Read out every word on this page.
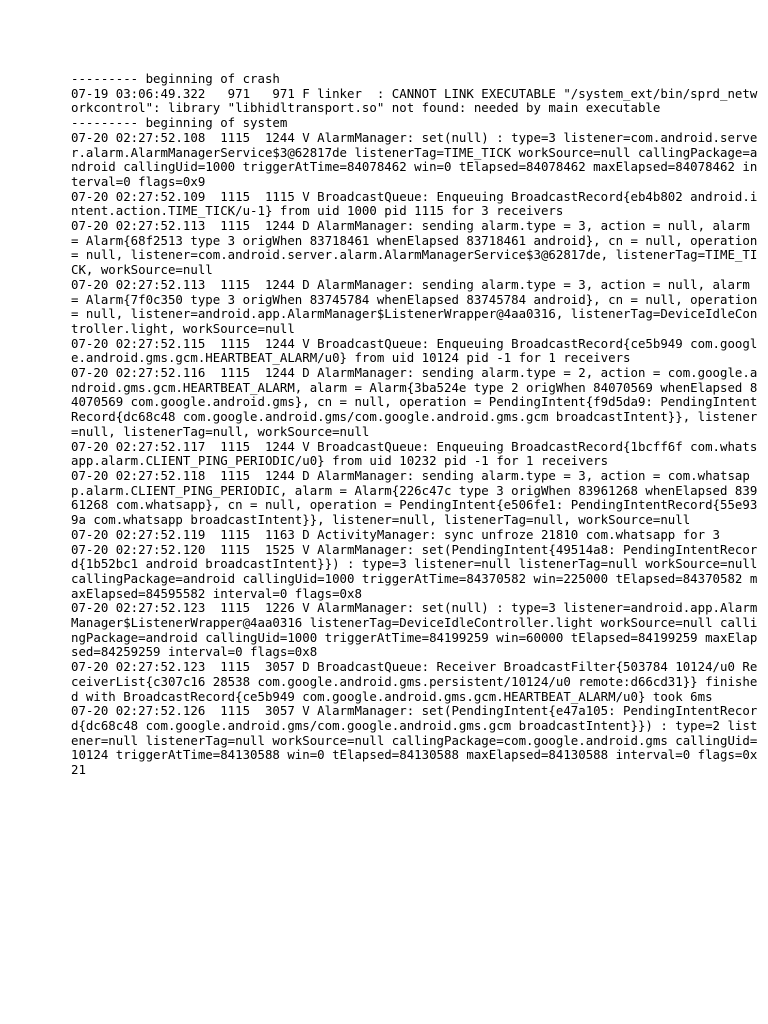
--------- beginning of crash
07-19 03:06:49.322   971   971 F linker  : CANNOT LINK EXECUTABLE "/system_ext/bin/sprd_networkcontrol": library "libhidltransport.so" not found: needed by main executable
--------- beginning of system
07-20 02:27:52.108  1115  1244 V AlarmManager: set(null) : type=3 listener=com.android.server.alarm.AlarmManagerService$3@62817de listenerTag=TIME_TICK workSource=null callingPackage=android callingUid=1000 triggerAtTime=84078462 win=0 tElapsed=84078462 maxElapsed=84078462 interval=0 flags=0x9
07-20 02:27:52.109  1115  1115 V BroadcastQueue: Enqueuing BroadcastRecord{eb4b802 android.intent.action.TIME_TICK/u-1} from uid 1000 pid 1115 for 3 receivers
07-20 02:27:52.113  1115  1244 D AlarmManager: sending alarm.type = 3, action = null, alarm = Alarm{68f2513 type 3 origWhen 83718461 whenElapsed 83718461 android}, cn = null, operation = null, listener=com.android.server.alarm.AlarmManagerService$3@62817de, listenerTag=TIME_TICK, workSource=null
07-20 02:27:52.113  1115  1244 D AlarmManager: sending alarm.type = 3, action = null, alarm = Alarm{7f0c350 type 3 origWhen 83745784 whenElapsed 83745784 android}, cn = null, operation = null, listener=android.app.AlarmManager$ListenerWrapper@4aa0316, listenerTag=DeviceIdleController.light, workSource=null
07-20 02:27:52.115  1115  1244 V BroadcastQueue: Enqueuing BroadcastRecord{ce5b949 com.google.android.gms.gcm.HEARTBEAT_ALARM/u0} from uid 10124 pid -1 for 1 receivers
07-20 02:27:52.116  1115  1244 D AlarmManager: sending alarm.type = 2, action = com.google.android.gms.gcm.HEARTBEAT_ALARM, alarm = Alarm{3ba524e type 2 origWhen 84070569 whenElapsed 84070569 com.google.android.gms}, cn = null, operation = PendingIntent{f9d5da9: PendingIntentRecord{dc68c48 com.google.android.gms/com.google.android.gms.gcm broadcastIntent}}, listener=null, listenerTag=null, workSource=null
07-20 02:27:52.117  1115  1244 V BroadcastQueue: Enqueuing BroadcastRecord{1bcff6f com.whatsapp.alarm.CLIENT_PING_PERIODIC/u0} from uid 10232 pid -1 for 1 receivers
07-20 02:27:52.118  1115  1244 D AlarmManager: sending alarm.type = 3, action = com.whatsapp.alarm.CLIENT_PING_PERIODIC, alarm = Alarm{226c47c type 3 origWhen 83961268 whenElapsed 83961268 com.whatsapp}, cn = null, operation = PendingIntent{e506fe1: PendingIntentRecord{55e939a com.whatsapp broadcastIntent}}, listener=null, listenerTag=null, workSource=null
07-20 02:27:52.119  1115  1163 D ActivityManager: sync unfroze 21810 com.whatsapp for 3
07-20 02:27:52.120  1115  1525 V AlarmManager: set(PendingIntent{49514a8: PendingIntentRecord{1b52bc1 android broadcastIntent}}) : type=3 listener=null listenerTag=null workSource=null callingPackage=android callingUid=1000 triggerAtTime=84370582 win=225000 tElapsed=84370582 maxElapsed=84595582 interval=0 flags=0x8
07-20 02:27:52.123  1115  1226 V AlarmManager: set(null) : type=3 listener=android.app.AlarmManager$ListenerWrapper@4aa0316 listenerTag=DeviceIdleController.light workSource=null callingPackage=android callingUid=1000 triggerAtTime=84199259 win=60000 tElapsed=84199259 maxElapsed=84259259 interval=0 flags=0x8
07-20 02:27:52.123  1115  3057 D BroadcastQueue: Receiver BroadcastFilter{503784 10124/u0 ReceiverList{c307c16 28538 com.google.android.gms.persistent/10124/u0 remote:d66cd31}} finished with BroadcastRecord{ce5b949 com.google.android.gms.gcm.HEARTBEAT_ALARM/u0} took 6ms
07-20 02:27:52.126  1115  3057 V AlarmManager: set(PendingIntent{e47a105: PendingIntentRecord{dc68c48 com.google.android.gms/com.google.android.gms.gcm broadcastIntent}}) : type=2 listener=null listenerTag=null workSource=null callingPackage=com.google.android.gms callingUid=10124 triggerAtTime=84130588 win=0 tElapsed=84130588 maxElapsed=84130588 interval=0 flags=0x21
